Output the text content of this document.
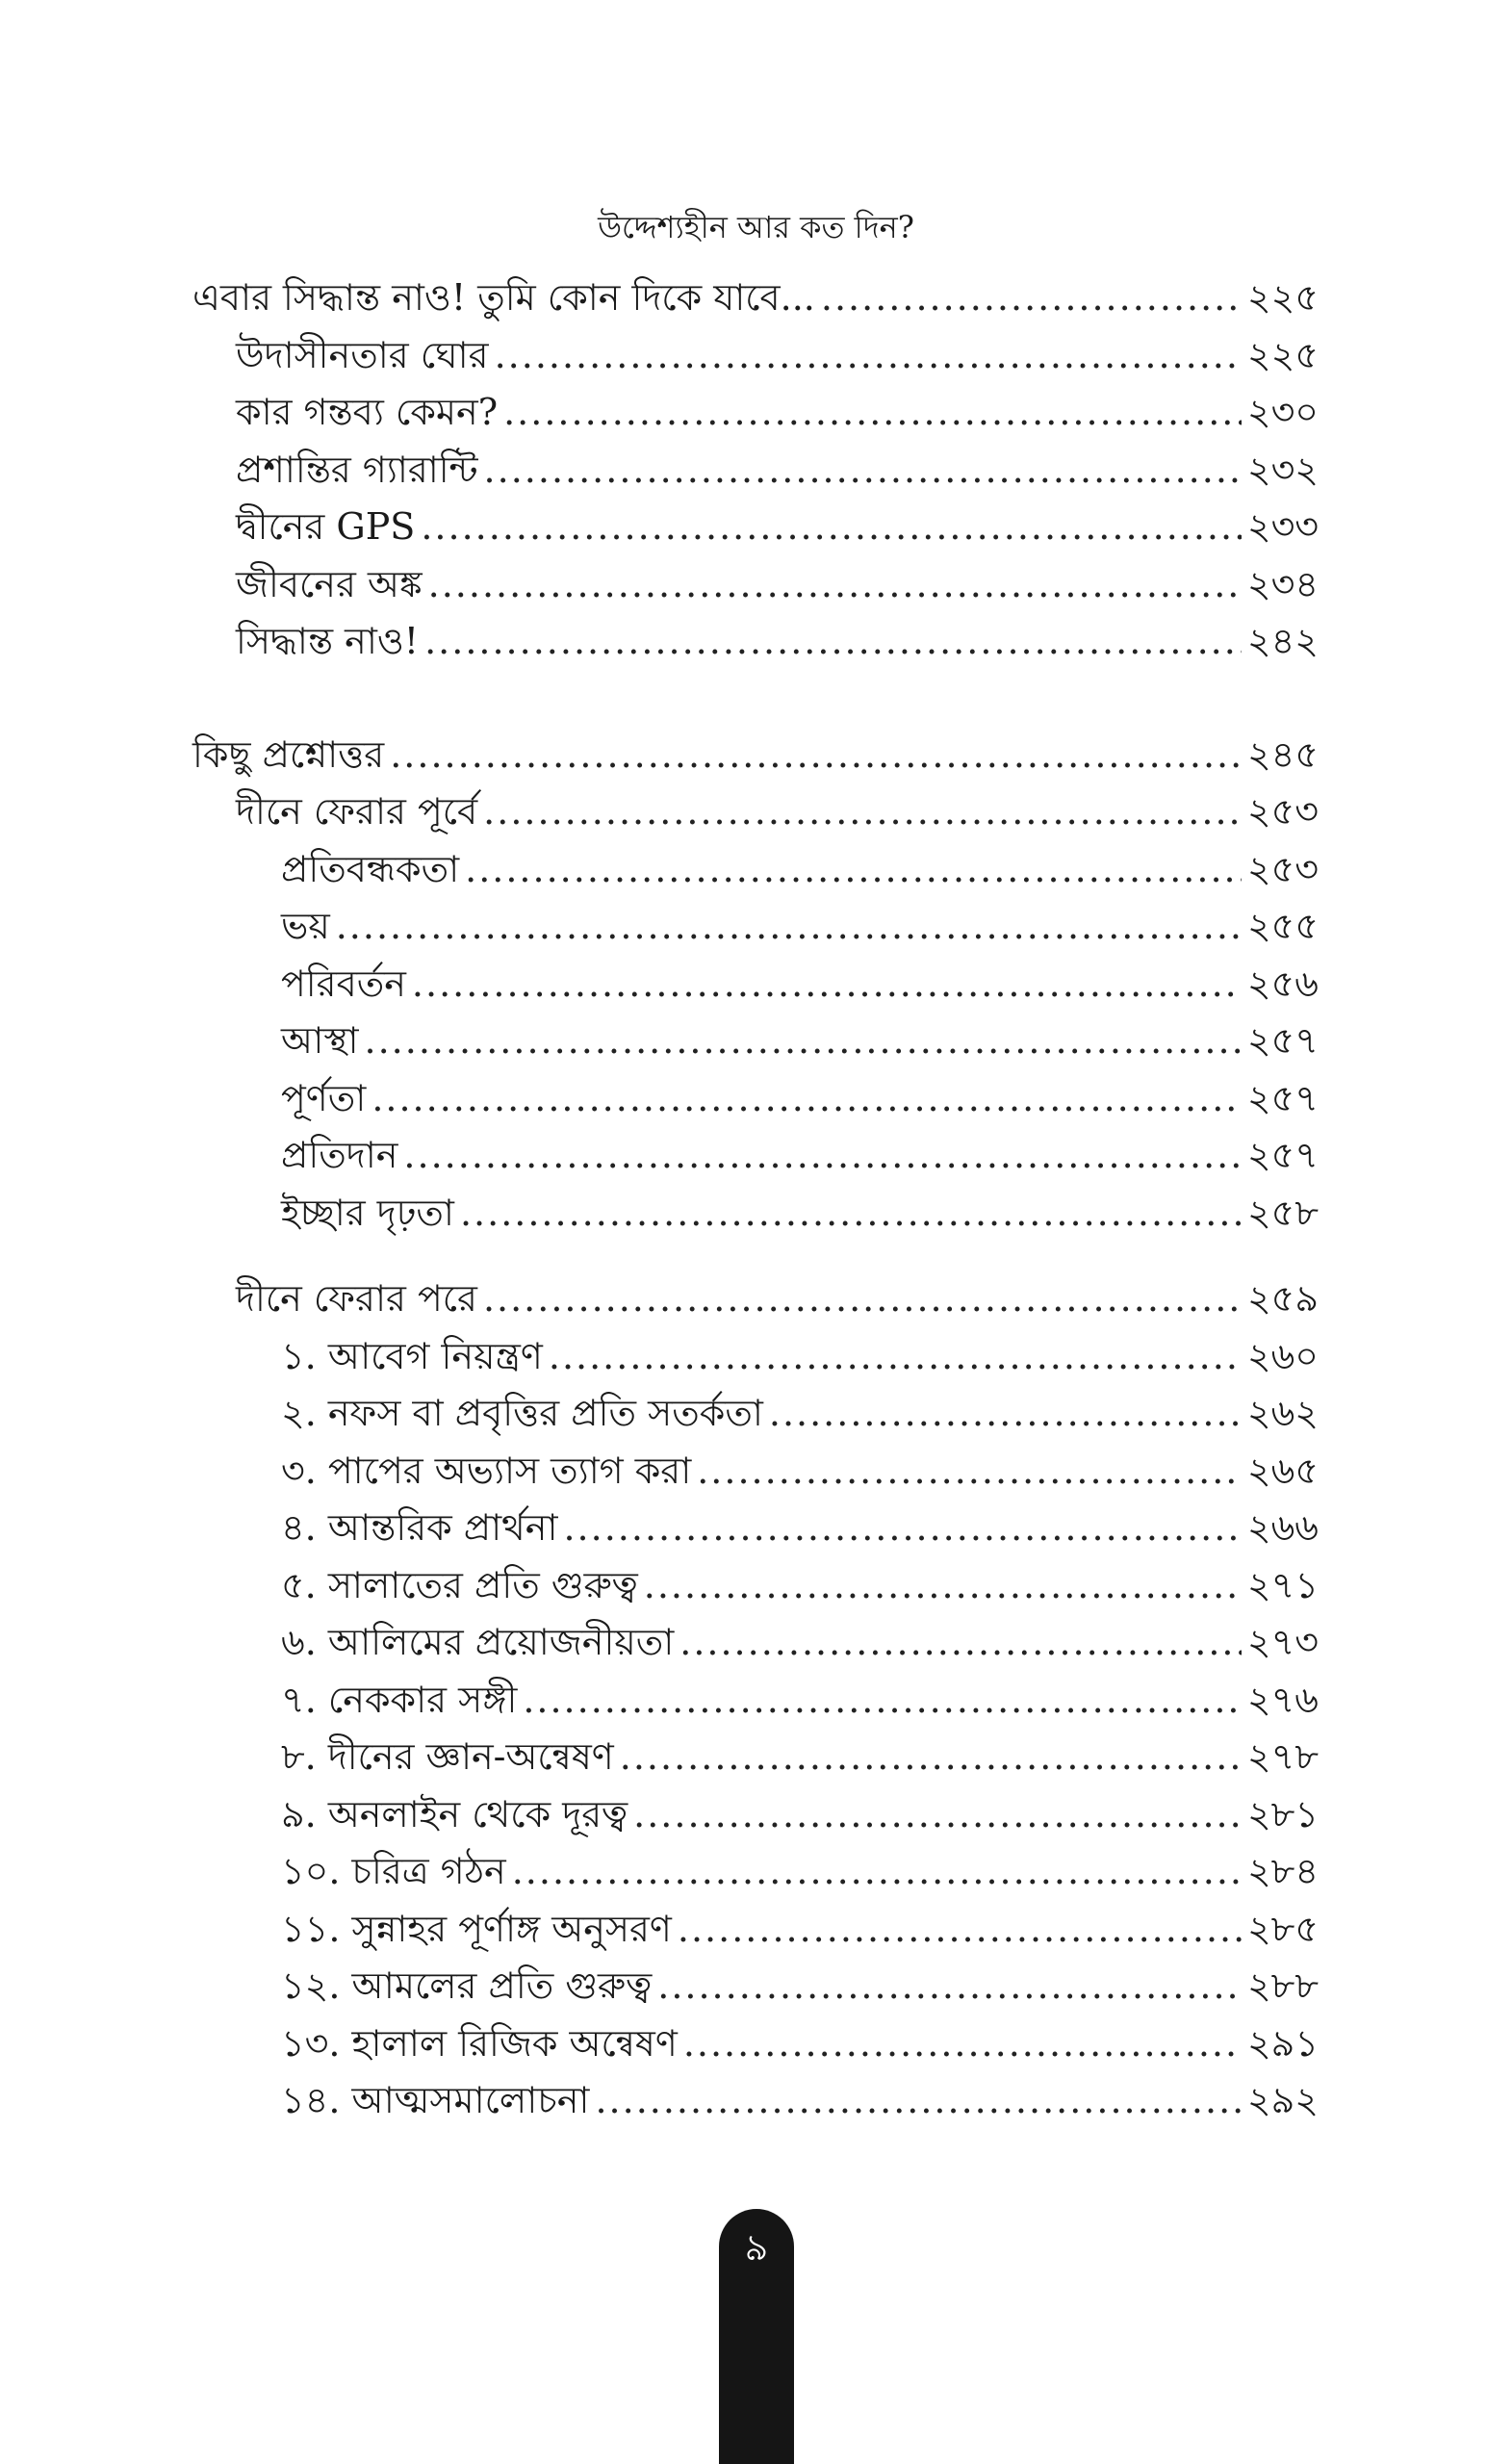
উদ্দেশ্যহীন আর কত দিন?
এবার সিদ্ধান্ত নাও! তুমি কোন দিকে যাবে... .....	২২৫
উদাসীনতার ঘোর .....	২২৫
কার গন্তব্য কেমন? .....	২৩০
প্রশান্তির গ্যারান্টি .....	২৩২
দ্বীনের GPS .....	২৩৩
জীবনের অঙ্ক .....	২৩৪
সিদ্ধান্ত নাও! .....	২৪২
কিছু প্রশ্নোত্তর .....	২৪৫
দীনে ফেরার পূর্বে .....	২৫৩
প্রতিবন্ধকতা .....	২৫৩
ভয় .....	২৫৫
পরিবর্তন .....	২৫৬
আস্থা .....	২৫৭
পূর্ণতা .....	২৫৭
প্রতিদান .....	২৫৭
ইচ্ছার দৃঢ়তা .....	২৫৮
দীনে ফেরার পরে .....	২৫৯
১. আবেগ নিয়ন্ত্রণ .....	২৬০
২. নফস বা প্রবৃত্তির প্রতি সতর্কতা .....	২৬২
৩. পাপের অভ্যাস ত্যাগ করা .....	২৬৫
৪. আন্তরিক প্রার্থনা .....	২৬৬
৫. সালাতের প্রতি গুরুত্ব .....	২৭১
৬. আলিমের প্রয়োজনীয়তা .....	২৭৩
৭. নেককার সঙ্গী .....	২৭৬
৮. দীনের জ্ঞান-অন্বেষণ .....	২৭৮
৯. অনলাইন থেকে দূরত্ব .....	২৮১
১০. চরিত্র গঠন .....	২৮৪
১১. সুন্নাহর পূর্ণাঙ্গ অনুসরণ .....	২৮৫
১২. আমলের প্রতি গুরুত্ব .....	২৮৮
১৩. হালাল রিজিক অন্বেষণ .....	২৯১
১৪. আত্মসমালোচনা .....	২৯২
৯
